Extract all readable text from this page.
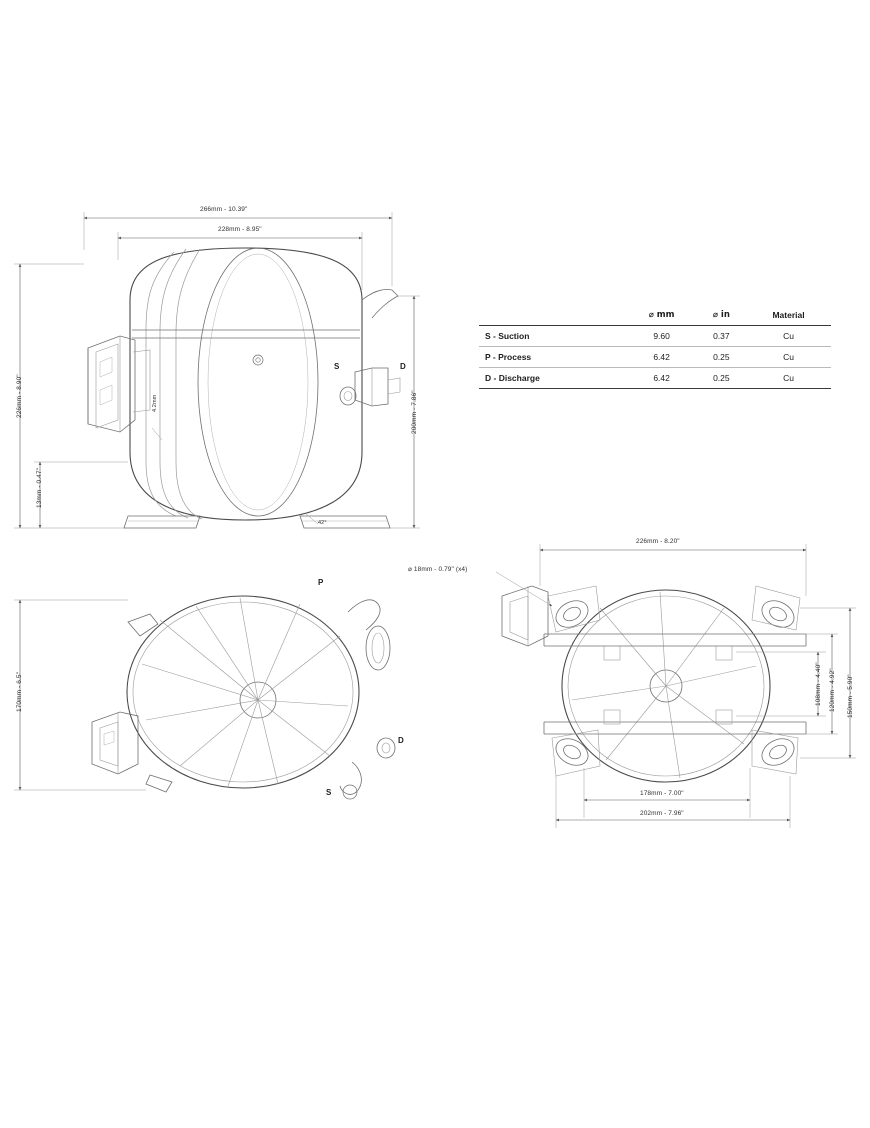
	⌀ mm	⌀ in	Material
S - Suction	9.60	0.37	Cu
P - Process	6.42	0.25	Cu
D - Discharge	6.42	0.25	Cu
266mm - 10.39"
228mm - 8.95"
226mm - 8.90"	200mm - 7.86"
13mm - 0.47"
4.2mm
42°
S	D
170mm - 6.5"
P
D
S
226mm - 8.20"
⌀ 18mm - 0.79" (x4)
178mm - 7.00"
202mm - 7.96"
150mm - 5.90"
120mm - 4.92"
108mm - 4.40"
